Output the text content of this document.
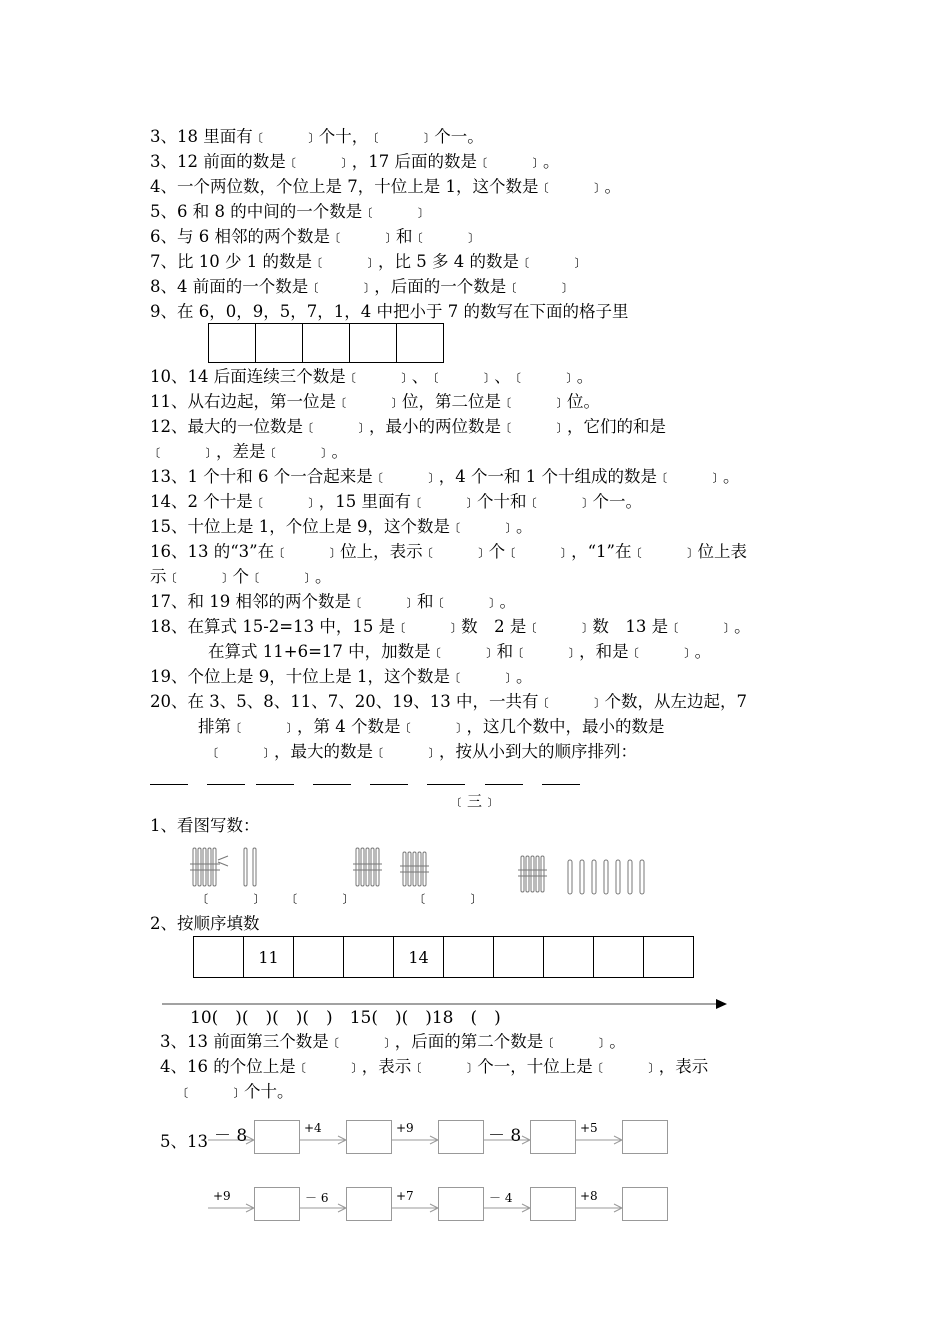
3、18 里面有﹝　　﹞个十，﹝　　﹞个一。
3、12 前面的数是﹝　　﹞，17 后面的数是﹝　　﹞。
4、一个两位数，个位上是 7，十位上是 1，这个数是﹝　　﹞。
5、6 和 8 的中间的一个数是﹝　　﹞
6、与 6 相邻的两个数是﹝　　﹞和﹝　　﹞
7、比 10 少 1 的数是﹝　　﹞，比 5 多 4 的数是﹝　　﹞
8、4 前面的一个数是﹝　　﹞，后面的一个数是﹝　　﹞
9、在 6，0，9，5，7，1，4 中把小于 7 的数写在下面的格子里

10、14 后面连续三个数是﹝　　﹞、﹝　　﹞、﹝　　﹞。
11、从右边起，第一位是﹝　　﹞位，第二位是﹝　　﹞位。
12、最大的一位数是﹝　　﹞，最小的两位数是﹝　　﹞，它们的和是
﹝　　﹞，差是﹝　　﹞。
13、1 个十和 6 个一合起来是﹝　　﹞，4 个一和 1 个十组成的数是﹝　　﹞。
14、2 个十是﹝　　﹞，15 里面有﹝　　﹞个十和﹝　　﹞个一。
15、十位上是 1，个位上是 9，这个数是﹝　　﹞。
16、13 的“3”在﹝　　﹞位上，表示﹝　　﹞个﹝　　﹞，“1”在﹝　　﹞位上表
示﹝　　﹞个﹝　　﹞。
17、和 19 相邻的两个数是﹝　　﹞和﹝　　﹞。
18、在算式 15-2=13 中，15 是﹝　　﹞数　2 是﹝　　﹞数　13 是﹝　　﹞。
在算式 11+6=17 中，加数是﹝　　﹞和﹝　　﹞，和是﹝　　﹞。
19、个位上是 9，十位上是 1，这个数是﹝　　﹞。
20、在 3、5、8、11、7、20、19、13 中，一共有﹝　　﹞个数，从左边起，7
排第﹝　　﹞，第 4 个数是﹝　　﹞，这几个数中，最小的数是
﹝　　﹞，最大的数是﹝　　﹞，按从小到大的顺序排列：
﹝三﹞
1、看图写数：
﹝　　﹞ ﹝　　﹞	﹝　　﹞
2、按顺序填数
	11			14					
10(　)(　)(　)(　)　15(　)(　)18　(　)
3、13 前面第三个数是﹝　　﹞，后面的第二个数是﹝　　﹞。
4、16 的个位上是﹝　　﹞，表示﹝　　﹞个一，十位上是﹝　　﹞，表示
﹝　　﹞个十。
5、13 － 8	+4	+9	－ 8	+5
+9	－ 6	+7	－ 4	+8
